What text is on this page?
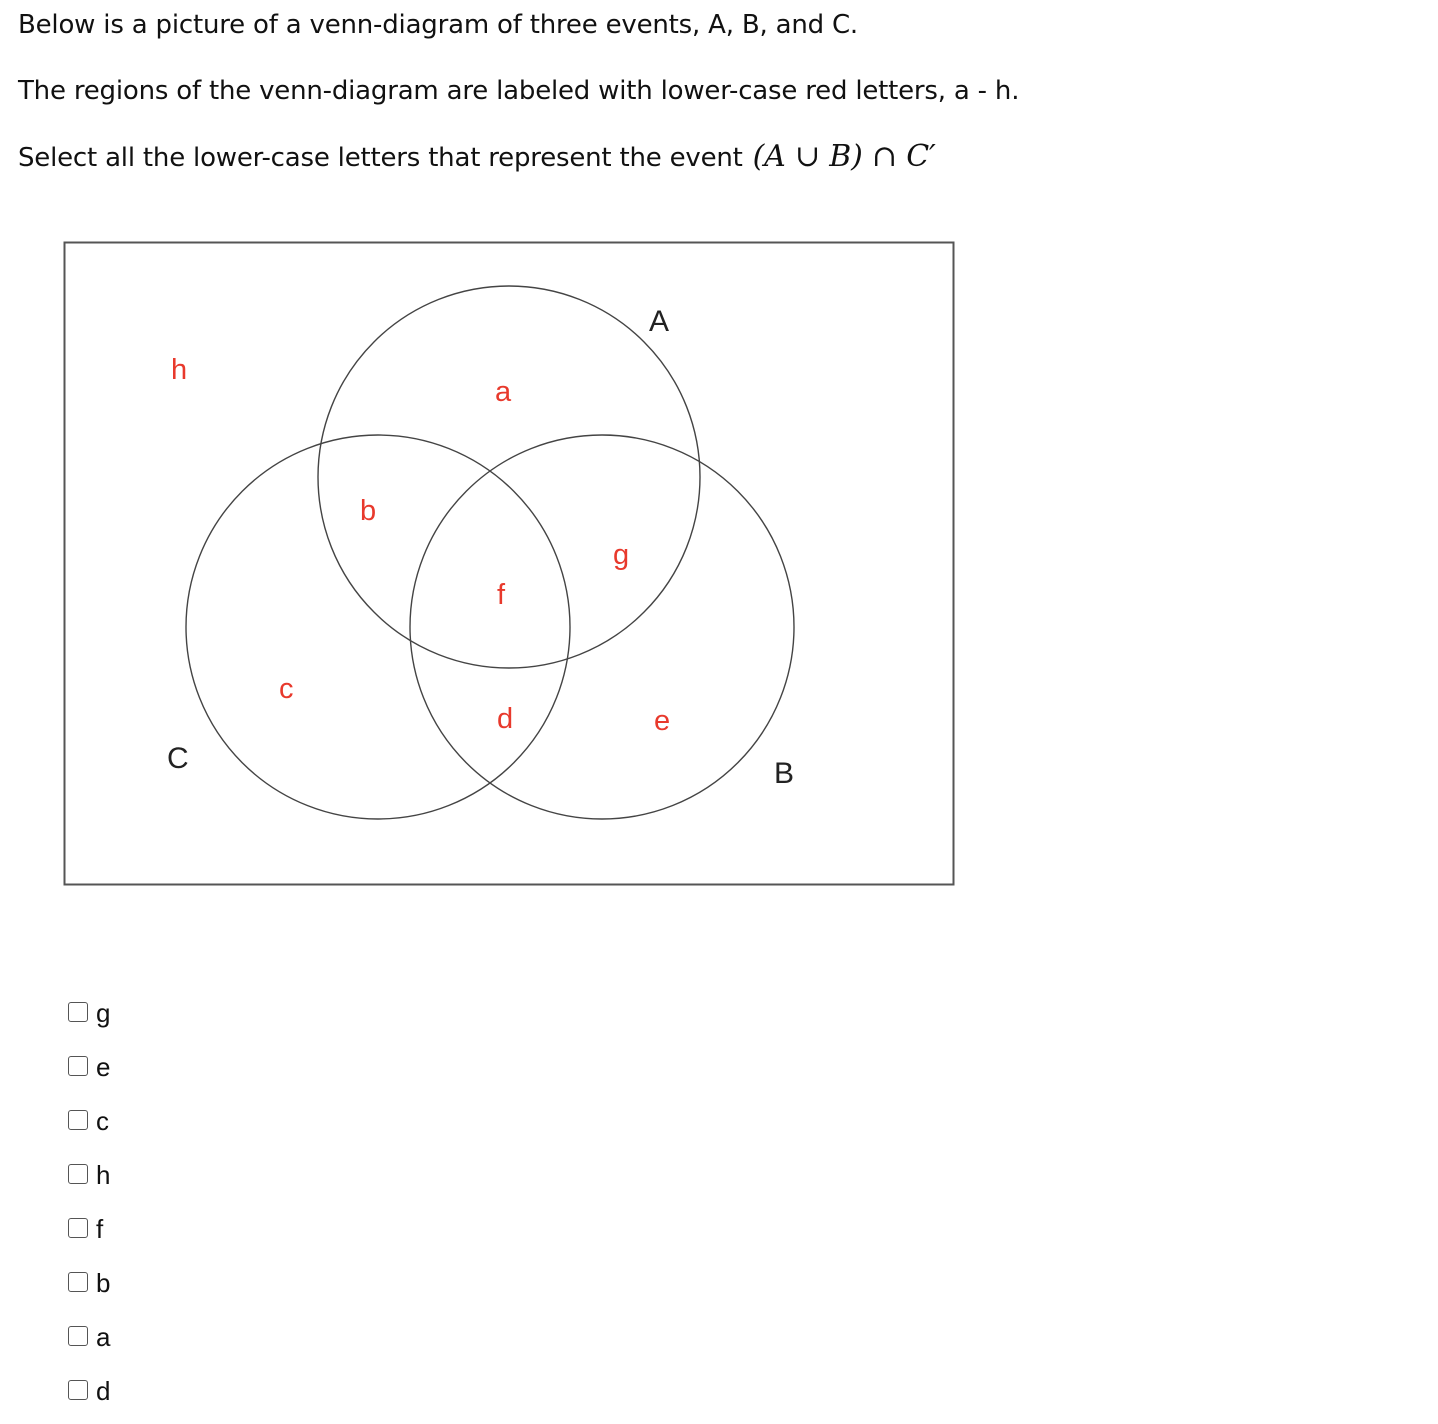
Below is a picture of a venn-diagram of three events, A, B, and C.
The regions of the venn-diagram are labeled with lower-case red letters, a - h.
Select all the lower-case letters that represent the event (A ∪ B) ∩ C′
A
C	B
h
a
b
g
f
c
d	e
g
e
c
h
f
b
a
d
